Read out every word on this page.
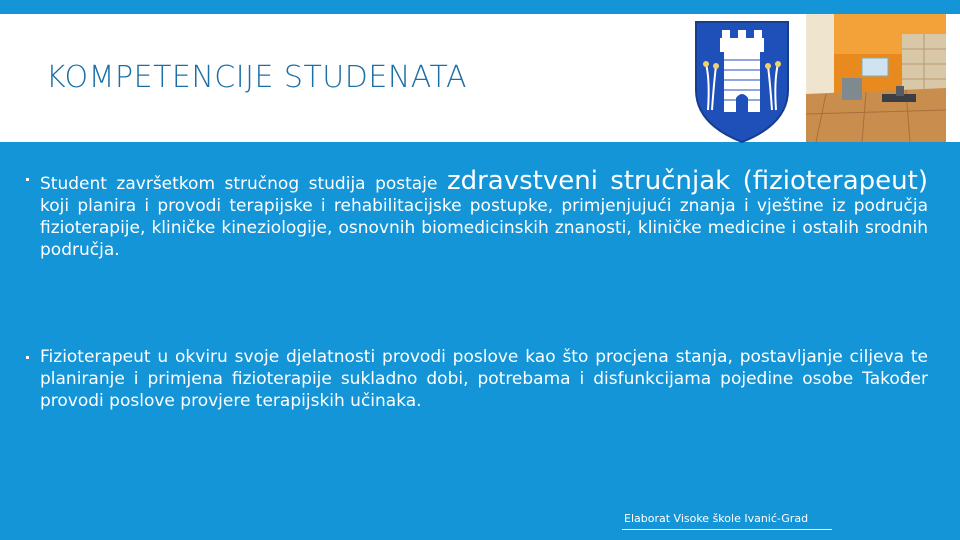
KOMPETENCIJE STUDENATA
Student završetkom stručnog studija postaje zdravstveni stručnjak (fizioterapeut) koji planira i provodi terapijske i rehabilitacijske postupke, primjenjujući znanja i vještine iz područja fizioterapije, kliničke kineziologije, osnovnih biomedicinskih znanosti, kliničke medicine i ostalih srodnih područja.
Fizioterapeut u okviru svoje djelatnosti provodi poslove kao što procjena stanja, postavljanje ciljeva te planiranje i primjena fizioterapije sukladno dobi, potrebama i disfunkcijama pojedine osobe Također provodi poslove provjere terapijskih učinaka.
Elaborat Visoke škole Ivanić-Grad
